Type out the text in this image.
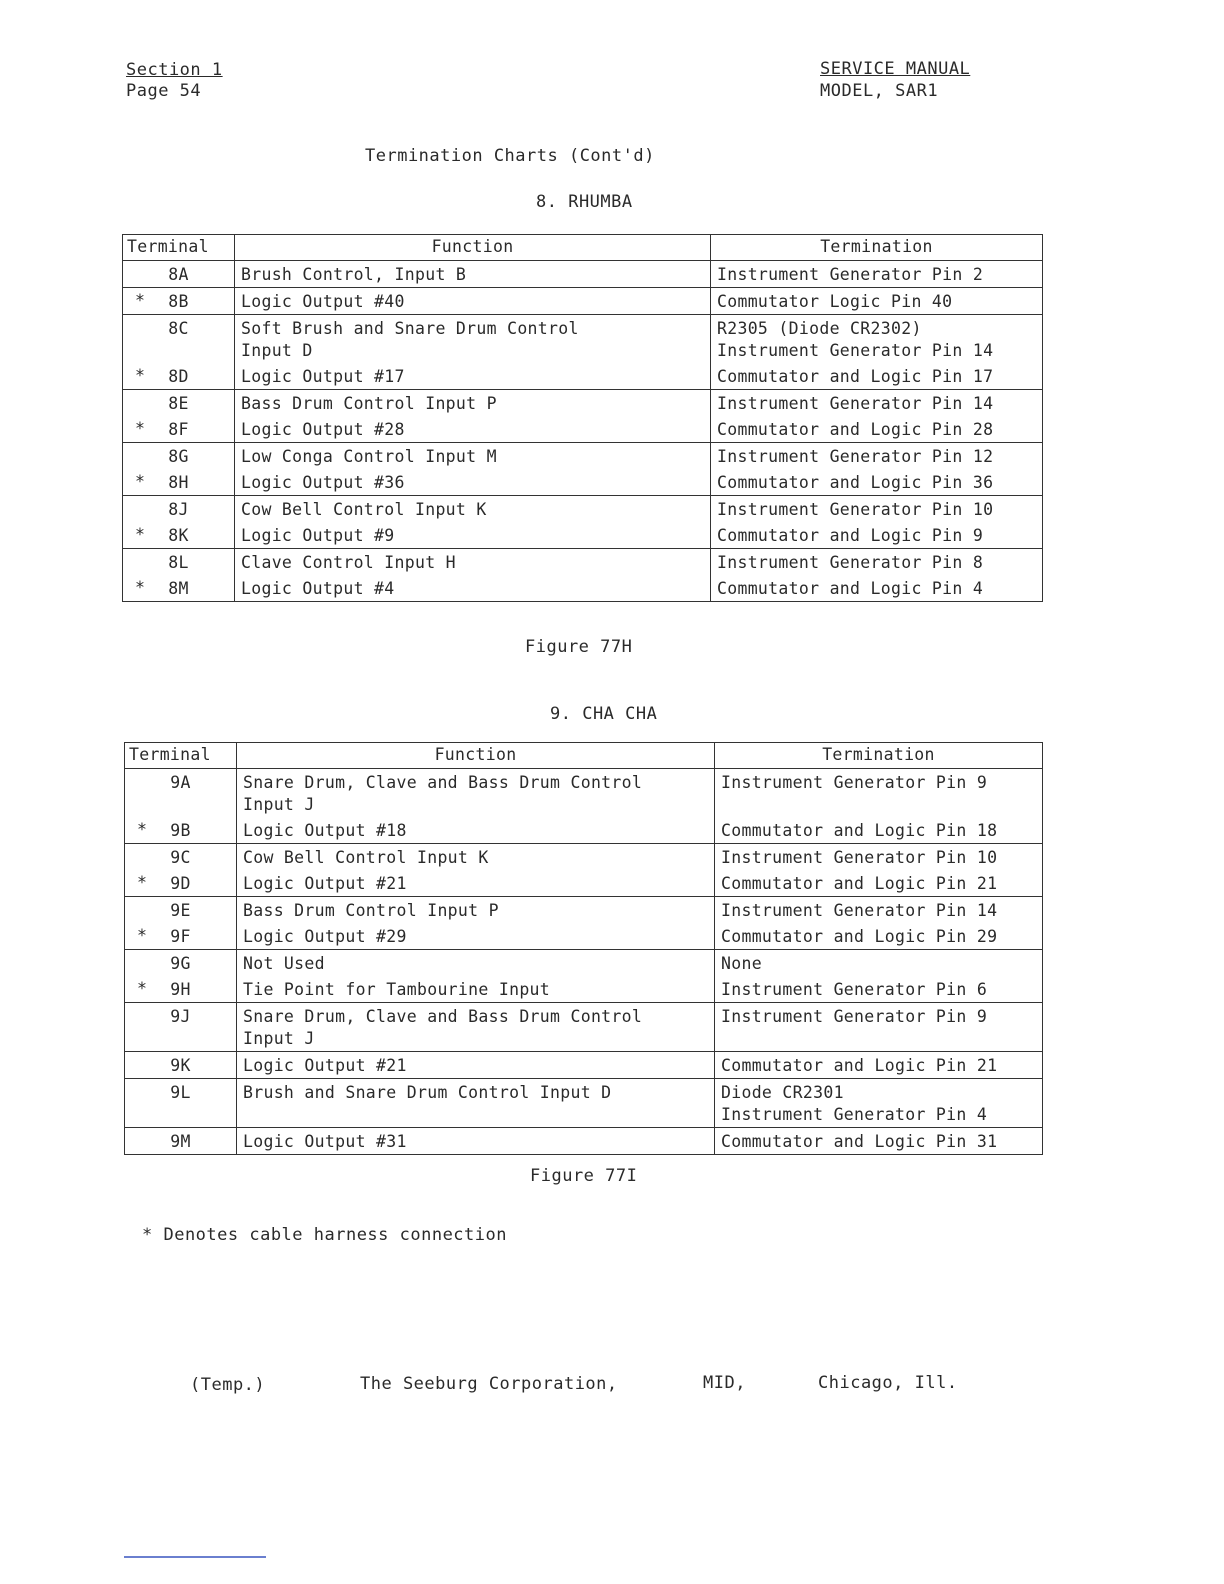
Section 1
Page 54
SERVICE MANUAL
MODEL, SAR1
Termination Charts (Cont'd)
8. RHUMBA
Terminal	Function	Termination

8A	Brush Control, Input B	Instrument Generator Pin 2

* 8B	Logic Output #40	Commutator Logic Pin 40

8C	Soft Brush and Snare Drum Control
Input D	R2305 (Diode CR2302)
Instrument Generator Pin 14

* 8D	Logic Output #17	Commutator and Logic Pin 17

8E	Bass Drum Control Input P	Instrument Generator Pin 14

* 8F	Logic Output #28	Commutator and Logic Pin 28

8G	Low Conga Control Input M	Instrument Generator Pin 12

* 8H	Logic Output #36	Commutator and Logic Pin 36

8J	Cow Bell Control Input K	Instrument Generator Pin 10

* 8K	Logic Output #9	Commutator and Logic Pin 9

8L	Clave Control Input H	Instrument Generator Pin 8

* 8M	Logic Output #4	Commutator and Logic Pin 4
Figure 77H
9. CHA CHA
Terminal	Function	Termination

9A	Snare Drum, Clave and Bass Drum Control
Input J	Instrument Generator Pin 9

* 9B	Logic Output #18	Commutator and Logic Pin 18

9C	Cow Bell Control Input K	Instrument Generator Pin 10

* 9D	Logic Output #21	Commutator and Logic Pin 21

9E	Bass Drum Control Input P	Instrument Generator Pin 14

* 9F	Logic Output #29	Commutator and Logic Pin 29

9G	Not Used	None

* 9H	Tie Point for Tambourine Input	Instrument Generator Pin 6

9J	Snare Drum, Clave and Bass Drum Control
Input J	Instrument Generator Pin 9

9K	Logic Output #21	Commutator and Logic Pin 21

9L	Brush and Snare Drum Control Input D	Diode CR2301
Instrument Generator Pin 4

9M	Logic Output #31	Commutator and Logic Pin 31
Figure 77I
* Denotes cable harness connection
(Temp.)	The Seeburg Corporation,	MID,	Chicago, Ill.
